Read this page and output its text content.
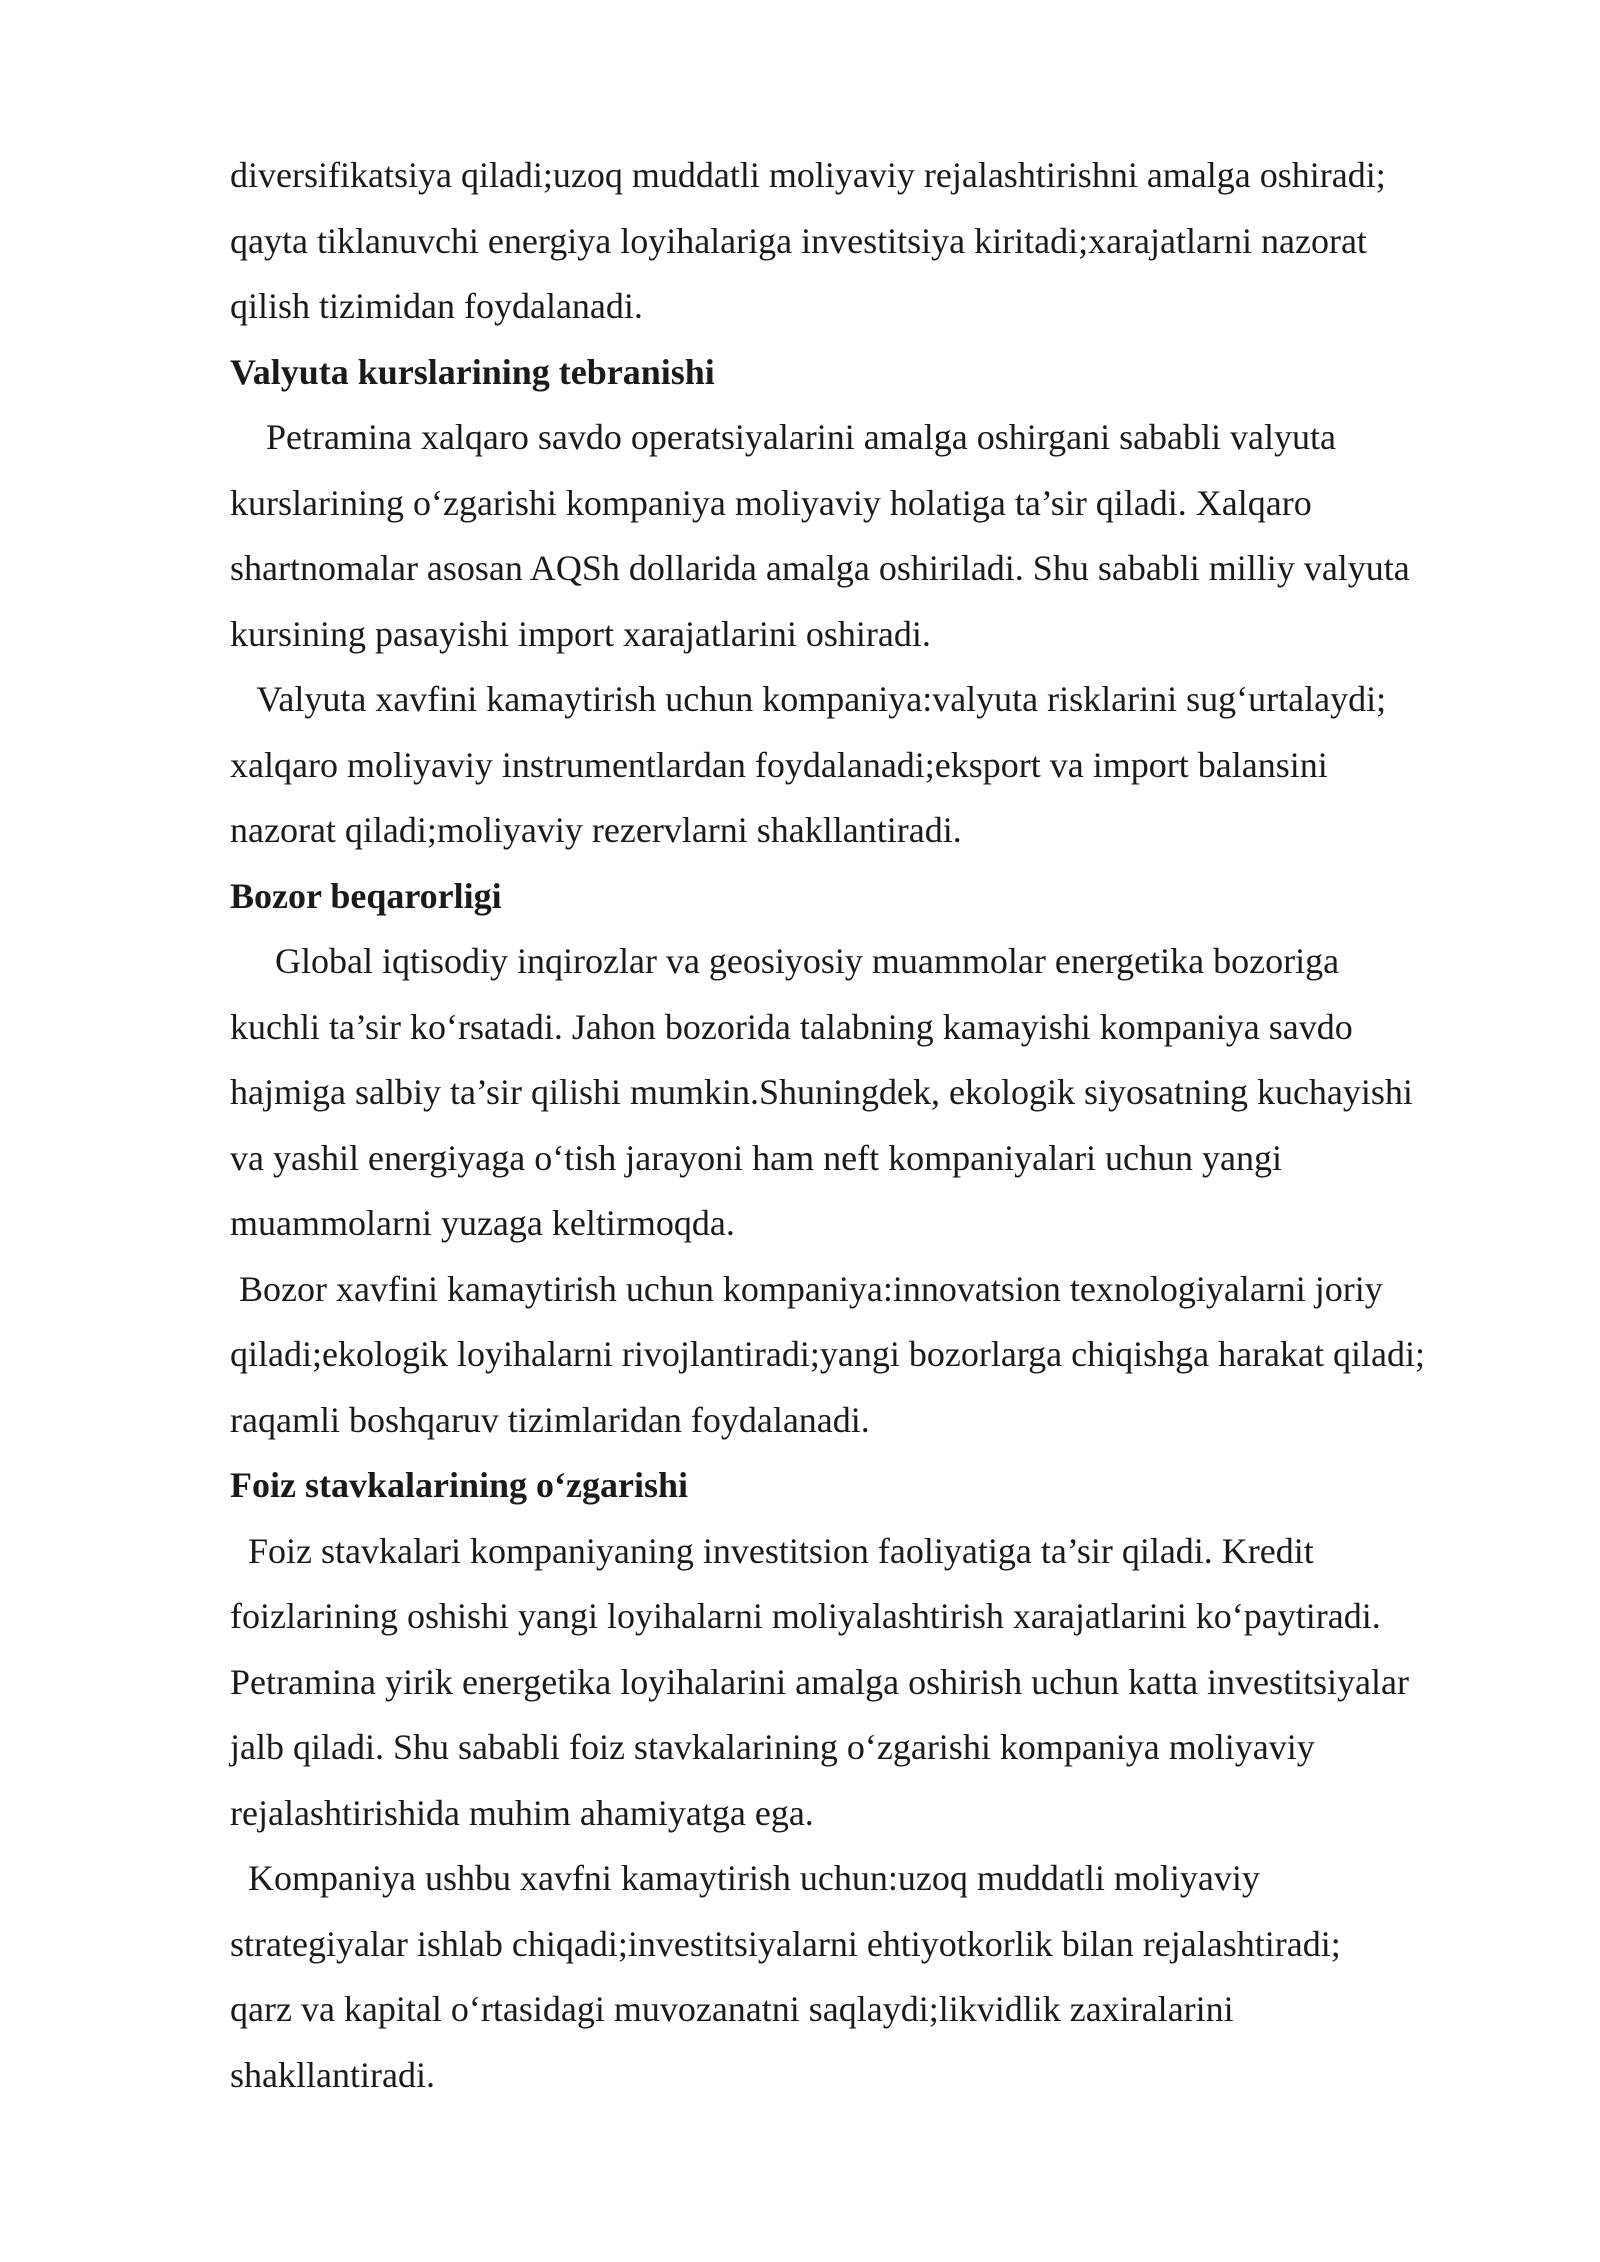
diversifikatsiya qiladi;uzoq muddatli moliyaviy rejalashtirishni amalga oshiradi;
qayta tiklanuvchi energiya loyihalariga investitsiya kiritadi;xarajatlarni nazorat
qilish tizimidan foydalanadi.
Valyuta kurslarining tebranishi
Petramina xalqaro savdo operatsiyalarini amalga oshirgani sababli valyuta
kurslarining o‘zgarishi kompaniya moliyaviy holatiga ta’sir qiladi. Xalqaro
shartnomalar asosan AQSh dollarida amalga oshiriladi. Shu sababli milliy valyuta
kursining pasayishi import xarajatlarini oshiradi.
Valyuta xavfini kamaytirish uchun kompaniya:valyuta risklarini sug‘urtalaydi;
xalqaro moliyaviy instrumentlardan foydalanadi;eksport va import balansini
nazorat qiladi;moliyaviy rezervlarni shakllantiradi.
Bozor beqarorligi
Global iqtisodiy inqirozlar va geosiyosiy muammolar energetika bozoriga
kuchli ta’sir ko‘rsatadi. Jahon bozorida talabning kamayishi kompaniya savdo
hajmiga salbiy ta’sir qilishi mumkin.Shuningdek, ekologik siyosatning kuchayishi
va yashil energiyaga o‘tish jarayoni ham neft kompaniyalari uchun yangi
muammolarni yuzaga keltirmoqda.
Bozor xavfini kamaytirish uchun kompaniya:innovatsion texnologiyalarni joriy
qiladi;ekologik loyihalarni rivojlantiradi;yangi bozorlarga chiqishga harakat qiladi;
raqamli boshqaruv tizimlaridan foydalanadi.
Foiz stavkalarining o‘zgarishi
Foiz stavkalari kompaniyaning investitsion faoliyatiga ta’sir qiladi. Kredit
foizlarining oshishi yangi loyihalarni moliyalashtirish xarajatlarini ko‘paytiradi.
Petramina yirik energetika loyihalarini amalga oshirish uchun katta investitsiyalar
jalb qiladi. Shu sababli foiz stavkalarining o‘zgarishi kompaniya moliyaviy
rejalashtirishida muhim ahamiyatga ega.
Kompaniya ushbu xavfni kamaytirish uchun:uzoq muddatli moliyaviy
strategiyalar ishlab chiqadi;investitsiyalarni ehtiyotkorlik bilan rejalashtiradi;
qarz va kapital o‘rtasidagi muvozanatni saqlaydi;likvidlik zaxiralarini
shakllantiradi.
